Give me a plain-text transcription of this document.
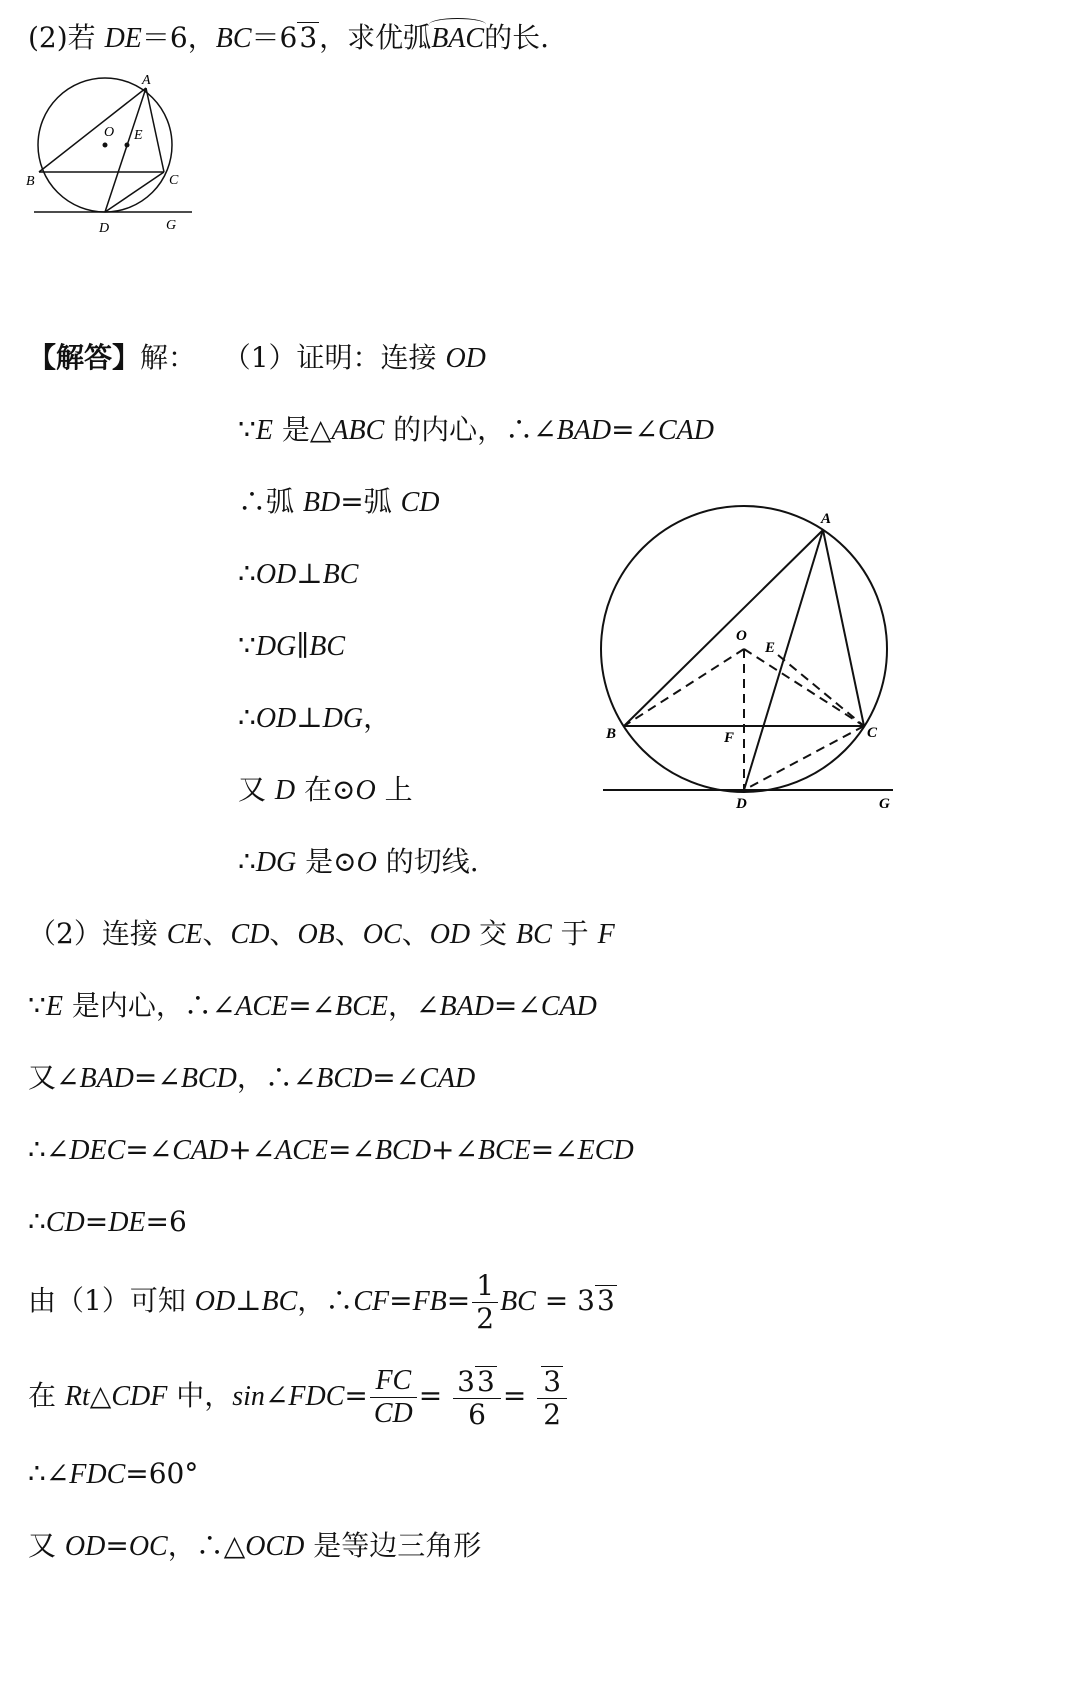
(2)若 DE＝6，BC＝63，求优弧BAC的长.
A
O E
B	C
D	G
【解答】解： （1）证明：连接 OD
∵E 是△ABC 的内心，∴∠BAD=∠CAD
∴弧 BD=弧 CD
∴OD⊥BC
∵DG∥BC
∴OD⊥DG，
又 D 在⊙O 上
∴DG 是⊙O 的切线.
A
O
E
B	F	C
D	G
（2）连接 CE、CD、OB、OC、OD 交 BC 于 F
∵E 是内心，∴∠ACE=∠BCE，∠BAD=∠CAD
又∠BAD=∠BCD，∴∠BCD=∠CAD
∴∠DEC=∠CAD+∠ACE=∠BCD+∠BCE=∠ECD
∴CD=DE=6
由（1）可知 OD⊥BC，∴CF=FB= $\frac{1}{2}$ BC = 33
在 Rt△CDF 中，sin∠FDC= $\frac{FC}{CD} = \frac{33}{6} = \frac{3}{2}$
∴∠FDC=60°
又 OD=OC，∴△OCD 是等边三角形
